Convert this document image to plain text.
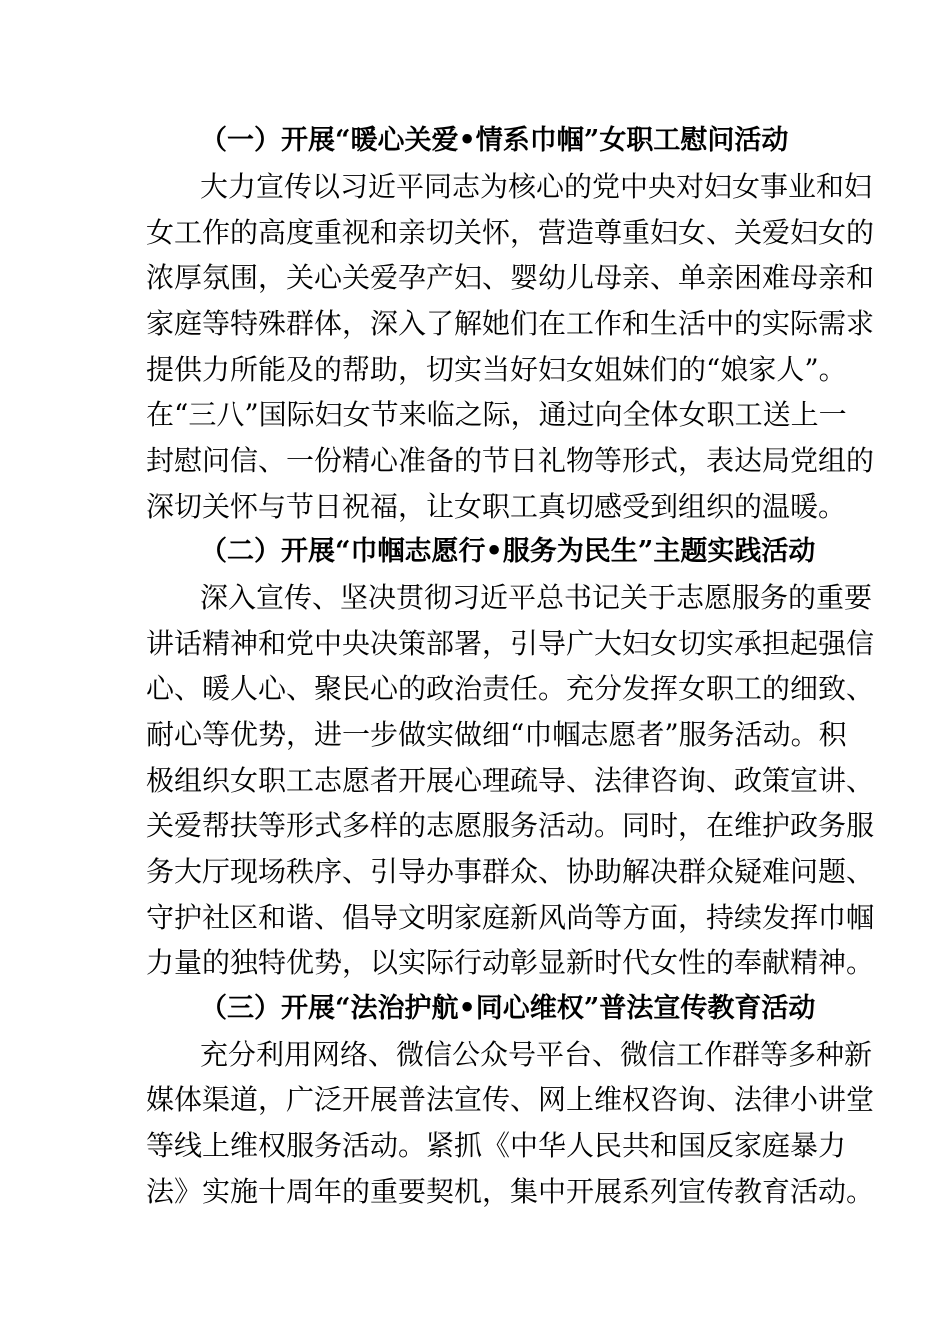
（一）开展“暖心关爱•情系巾帼”女职工慰问活动
大力宣传以习近平同志为核心的党中央对妇女事业和妇
女工作的高度重视和亲切关怀，营造尊重妇女、关爱妇女的
浓厚氛围，关心关爱孕产妇、婴幼儿母亲、单亲困难母亲和
家庭等特殊群体，深入了解她们在工作和生活中的实际需求
提供力所能及的帮助，切实当好妇女姐妹们的“娘家人”。
在“三八”国际妇女节来临之际，通过向全体女职工送上一
封慰问信、一份精心准备的节日礼物等形式，表达局党组的
深切关怀与节日祝福，让女职工真切感受到组织的温暖。
（二）开展“巾帼志愿行•服务为民生”主题实践活动
深入宣传、坚决贯彻习近平总书记关于志愿服务的重要
讲话精神和党中央决策部署，引导广大妇女切实承担起强信
心、暖人心、聚民心的政治责任。充分发挥女职工的细致、
耐心等优势，进一步做实做细“巾帼志愿者”服务活动。积
极组织女职工志愿者开展心理疏导、法律咨询、政策宣讲、
关爱帮扶等形式多样的志愿服务活动。同时，在维护政务服
务大厅现场秩序、引导办事群众、协助解决群众疑难问题、
守护社区和谐、倡导文明家庭新风尚等方面，持续发挥巾帼
力量的独特优势，以实际行动彰显新时代女性的奉献精神。
（三）开展“法治护航•同心维权”普法宣传教育活动
充分利用网络、微信公众号平台、微信工作群等多种新
媒体渠道，广泛开展普法宣传、网上维权咨询、法律小讲堂
等线上维权服务活动。紧抓《中华人民共和国反家庭暴力
法》实施十周年的重要契机，集中开展系列宣传教育活动。
